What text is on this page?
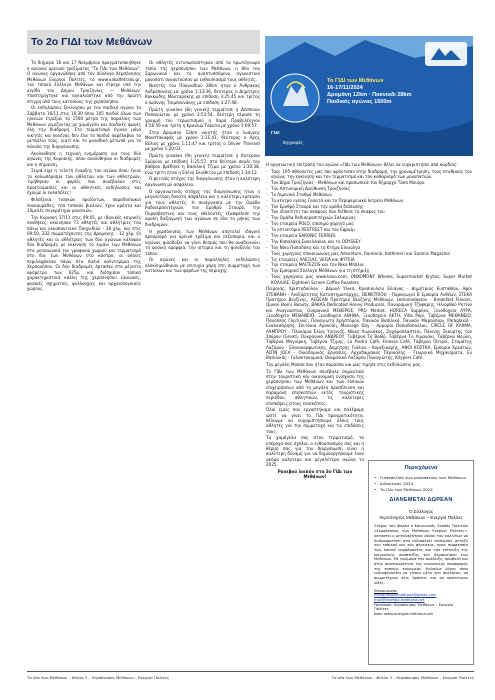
Το 2ο ΓΙΔΙ των Μεθάνων

Το διήμερο 16 και 17 Νοεμβρίου πραγματοποιήθηκε ο αγώνας ορεινού τρεξίματος "Το ΓΙΔι των Μεθάνων". Ο αγώνας οργανώθηκε από τον σύλλογο Χερσόνησος Μεθάνων Ενεργοί Πολίτες, το www.vakaltetrails.gr, τον τοπικό Σύλλογο Μεθάνων και έτρεχε υπό την αιγίδα του Δήμου Τροιζηνίας — Μεθάνων. Υποστηρίχτηκε και αγκαλιάστηκε από την πρώτη στιγμή από τους κατοίκους της χερσονήσου.

Οι εκδηλώσεις ξεκίνησαν με τον παιδικό αγώνα το Σάββατο 16/11 στις 16:30 όπου 105 παιδιά όλων των ηλικιών έτρεξαν το 1500 μέτρο της παραλίας των Μεθάνων γεμίζοντας με χαμόγελα και παιδικές φωνές όλη την διαδρομή. Στο τερματισμό έγιναν μόνο νικητές και κανένας δεν έλα τα παιδιά παρέλαβαν το μετάλλιο τους, γιατί και το μοναδικό μέτωπό για το σύνολο της διοργάνωσης.

Ακολούθησε η τεχνική ενημέρωση για τους δύο αγώνες της Κυριακής, όπου αναλύθηκαν οι διαδρομές και η σήμανση.

Σειρά είχε η τελετή έναρξης του αγώνα όπου έγινε το καλωσόρισμα των αθλητών και των αθλητριών, τιμήθηκαν οι φορείς που συνέβαλαν στις προετοιμασίες και οι αθλητικές εκδηλώσεις και έχουμε οι εκλαπέλες!

Φιλοξενία τοπικών προϊόντων, παραδοσιακοί λουκουμάδες, τοπ τοπικόν βιολιών, έχεα κρέατα και 10μελές συγκρότημα μουσικών.

Την Κυριακή 17/11 στις 09:05, με ιδανικές καιρικές συνθήκες, εκκίνησαν 73 αθλητές και αθλήτριες του πάνω και εκκαπαντικού Παιχνιδιού - 28 χλμ. και στις 09:50, 232 συμμετέχοντες της Δρομάνης - 12 χλμ. Οι αθλητές και οι αθλήτριες των δύο αγώνων κάλυψαν δύο διαδρομές με εκκίνηση το λιμάνι των Μεθάνων στα μεσαιωνικά του γραφικού χωριού και τερματισμό στο δια των Μεθάνων στο κάστρο, οι οποίες περιλάμβαναν πάνω στα παλιά καλντερίμια της Χερσονήσου. Οι δύο διαδρομές έφτασαν στο μέγιστο υψόμετρο των 625μ. και διέσχισαν τοπικά χαρακτηριστικά κάλλη της χερσονήσου ελαιώνες, φυσικές σχηματίες, φυλλουχίες και αρχαιολογικούς χώρους.

Οι αθλητές εντυπωσιάστηκαν από το πρωτόγνωρο τοπίο της χερσονήσου των Μεθάνων, η θέα του Σαρωνικού και το αναπτυσσόμενο αγωνιστικό μονοπάτι συναντούσαν με ενθουσιασμό τους αθλητές.

Νικητές του Πακνιαδιού 28km ήταν ο Άνθρακας Ανδρόπουλος με χρόνο 3:13:36, δεύτερος ο Δημήτρης Κοκκώδης Μανταράκης με επίδοση 3:25:45 και τρίτος ο Ιωάννης Τσιμπουνάκης με επίδοση 3:27:48.

Πρώτη γυναίκα (8η γενική) τερμάτισε η Δέσποινα Παπαγιώτου με χρόνο 3:53:54, δεύτερη πέρασε τη γραμμή του τερματισμού η Χαρά Προβελέγγιου 4:56:59 και τρίτη η Κραιλιώ Τάκατα με χρόνο 5:09:57.

Στην Δρομάνη 12km νικητής ήταν ο Ιωάννης Μουστακαφάς με χρόνο 1:11:41, δεύτερος ο Άρης Βέλιος με χρόνο 1:11:47 και τρίτος ο Olivier Thierard με χρόνο 1:20:03.

Πρώτη γυναίκα (9η γενική) τερμάτισε η Κατερίνα Σμύρνου με επίδοση 1:25:57, στο δεύτερο σκαλί του βάθρου βρέθηκε η Βασιλική Τζιμα με χρόνο 1:30:38, ενώ τρίτη ήταν η Ελένη Σκιάθιτου με επίδοση 1:34:12.

Ο φετινός στόχος της διοργάνωσης ήταν η καλύτερη οργάνωση με ασφάλεια.

Ο οργανωτικός στόχος της διοργάνωσης ήταν η μεγαλύτερη δυνατή ασφάλεια και η καλύτερη εμπειρία για τους αθλητές. Η συνεργασία με την Ομάδα Ραδιοερασιτεχνών, τον Ερυθρό Σταυρό, την Πυροσβεστική και τους εθελοντές εξασφάλισε την ομαλή διεξαγωγή των αγώνων σε όλο το μήκος των διαδρομών.

Η χερσόνησος των Μεθάνων αποτελεί ιδανικό προορισμό για ορεινό τρέξιμο και πεζοπορία, και ο αγώνας φιλοδοξεί να γίνει θεσμός που θα αναδεικνύει τη φυσική ομορφιά, την ιστορία και τη φιλοξενία του τόπου.

Οι αγώνες και οι παράλληλες εκδηλώσεις ολοκληρώθηκαν με επιτυχία χάρη στη συμμετοχή των κατοίκων και των φορέων της περιοχής.

Το ΓΙΔΙ των Μεθάνων
16-17/11/2024
Δρομάνη 12km · Πακνιαδι 28km
Παιδικός αγώνας 1500m
ΓΙΔΙ
Εγγραφές

Η οργανωτική επιτροπή του αγώνα «ΓΙΔι των Μεθάνων» θέλει να ευχαριστήσει από καρδιάς:

- Τους 195 αθλούντες μας που φρόντισαν στην διαδρομή, την χρονομέτρηση, τους σταθμούς του αγώνα, την εκκίνηση και τον τερματισμό και τον καθαρισμό των μονοπατιών.
- Τον Δήμο Τροιζηνίας - Μεθάνων και προσωπικά τον δήμαρχο Τάσο Μουίρο.
- Την Αστυνομική Διεύθυνση Τροιζηνίας
- Το Λιμενικό Σταθμό Μεθάνων
- Το κέντρο υγείας Γαλατά και το Περιφερειακό Ιατρείο Μεθάνων
- Τον Ερυθρό Σταυρό και την ομάδα διάσωσης
- Τον ιδιοκτήτη του σκάφους που διέθεσε το σκάφος του
- Την Ομάδα Ραδιοερασιτεχνών Σαλαμίνας
- Την εταιρεία POLO, επίσημο χορηγό μας
- Το εστιατόριο RESTREET και τον Εφραίμ
- Την εταιρεία SARONIC FERRIES
- Την Καπαλάκη Σακελλάκου και το ODYSSEY
- Τον Νίκο Παπαδάκη και το Κτήμα Ελαιούγα
- Τους χορηγούς επικοινωνίας μας Adventure, Runnerai, Kathimeri και Saronic Magazine
- Τις εταιρείες ΑΛΕΞΙΑΣ, VEGA και ΦΥΤΕΙΑ
- Την εταιρεία MALTEZOS και τον Νίκο Μπόλια
- Την Εμπορικό Σύλλογο Μεθάνων για τη στήριξη
- Τους χορηγούς μας www.kavo.com, ONXOMONY Wheels, Supermarket Krytsis, Super Market ΚΟΛΛΙΑΣ, Eighteen Screen Coffee Roasters

Πειραιάς, Χριστοδούλου - Δομινό Υλικά, Κρασιουλείο Ελιάνας - Δημήτριος Ευσταθίου, Αφοι ΣΤΕΦΑΝΗ - Ανεξάρτητος Καταστηματάρχης, DEMETRIOU - Παραγωγοί Β Εμπορία Ανθέων, ΣΤΕΚΑ Πρατήριο Βενζίνης, AEGEAN Πρατήριο Βενζίνης Μεθάνων, Lemonodassos - Breakfast Flavors, Queen Bee's Beauty, BAKAS Dedicated Honey Producers, Πανοραμική Τζοφάρης, Ηλιορθού Ρητίνο και Αναγνωστου, Ουκρανικό MEΘΕΡΟΣ, PRO Market, HORECA Supplies, Ξενοδοχείο ΛΥΡΑ, Ξενοδοχείο ΜΕΘΑΝΕΙΟ, Ξενοδοχείο ΑΘΗΝΑ, Ξενοδοχείο ΑΚΤΗ, Villa Pepi, Ταβέρνα ΜΕΘΑΝΕΙΟ, Πανοπλος Γόρτυνος, Παναγιωτη Χρηστόμου, Πανικόν Βασιλικό, Πανικόν Μαρούσιου, Paraglaxia - Εναλασάρηση, Σπιτάκια Αρνούλη, Massage Day - Αρμορίο Παπαδοπούλου, CIRCLE OF KARMA, ΛΑΜΠΡΟΥ - Πλοκάμια Ελίας Υγιεινής, Νίκος Λιωνιάκος, Ζαχαροπλαστείο, Πάνινης Σκουρτης του Σπύρου (Great), Ουκρανικό ΑΝΔΡΕΟΥ, Ταβέρνα Το ΒαΘύ, Ταβέρνα Το Λιμανάκι, Ταβέρνα Θεώνη, Ταβέρνα Μαγιορκή, Ταβέρνα Τζιμης, La Piedra Café, Finessa Café, Ταβέρνα Ούτρικ, Σταμάτης Λαζάρου - Ελαιοκαρφωτικής, Δημήτρης Γιάλινο - Κορεξικάρης, ΑΦΟΙ ΚΟΣΤΚΑ, Εμπορία Κρεάτων, ALTIN JOCA - Οικοδομικός Εργασίες, Αρχοδαμιάκος Περικάλης - Γεωργικά Μηχανήματα, Ευ Βασιλικός - Γαλακτοκομικά, Ουκρανικό Λαζάρου Παναγιώτης, Kilypers Café.

Την μεγάλη Μούσα που ήταν παρούσα και μας τίμησε στις εκδηλώσεις μας.

Το ΓΙΔι των Μεθάνων συνέβαλε σημαντικά στην τουριστική και οικονομική ενίσχυση της χερσονήσου των Μεθάνων και των τοπικών επιχειρήσεων από τη μεγάλη προσέλευση και παραμονή επισκεπτών εκτός τουριστικής περιόδου, αθλητικών, τις καλύτερες επισκέψεις στους επισκέπτες.

Όλοι εμείς που εργαστήκαμε και παλέψαμε ώστε να γίνει το ΓΙΔι πραγματικότητα, θέλουμε να ευχαριστήσουμε όλους τους αθλητές για την συμμετοχή και τις επιδόσεις τους.

Τα χαμόγελα σας στον τερματισμό, τα υπέροχα σας σχόλια, ο ενθουσιασμός σας και η θέρμη σας για την διοργάνωση είναι η καλύτερη δύναμη για να δημιουργήσουμε έναν ακόμα καλύτερο και μεγαλύτερο αγώνα το 2025.

Ρανεβού λοιπόν στο 3ο ΓΙΔι των Μεθάνων!

Περιεχόμενα
• Γιστοσελίδα των μονοπατιών των Μεθάνων
• Διδακτικός 2024
• Το ΓΙΔι των Μεθάνων 2024
ΔΙΑΝΕΜΕΤΑΙ ΔΩΡΕΑΝ
Ο Σύλλογος
Χερσόνησος Μεθάνων – Ενεργοί Πολίτες

Στόχος του Φορέα ο Κοινωνικός Σκοπός Πολιτών «Χερσόνησος των Μεθάνων Ενεργοί Πολίτες», καταστεί ο μεταλαβήτρος ρόλος του καλλίτων να διαδραματίσει στα ενδιαφέρει επιδημίας μεταξύ του τοπικού και του φέρτατος, προς προστασία των κοινού συμφέροντος και την επίτευξη της κοινωνικής αναπτυξης του Χερσονήσου των Μεθάνων. Με γνώμονα την ανάδειξη, προβολή και στην προτεραιότητα της κοινωνικής προσφοράς της τοπικής κοινωνίας. Καλούμε όλους όσοι ενδιαφέρονται να γίνουν μέλη του συλλόγου, να συμμετέχουν στις δράσεις και να προτείνουν ιδέες.

Επικοινωνία:
hersonissosfmethana@gmail.com
mail@energia-methana.net
Facebook: Χερσόνησος Μεθάνων – Ενεργοί Πολίτες
web: www.energia-methana.net
Τα νέα των Μεθάνων – Φύλλο 3 – Χερσόνησος Μεθάνων – Ενεργοί Πολίτες	Τα νέα των Μεθάνων – Φύλλο 3 – Χερσόνησος Μεθάνων – Ενεργοί Πολίτες
